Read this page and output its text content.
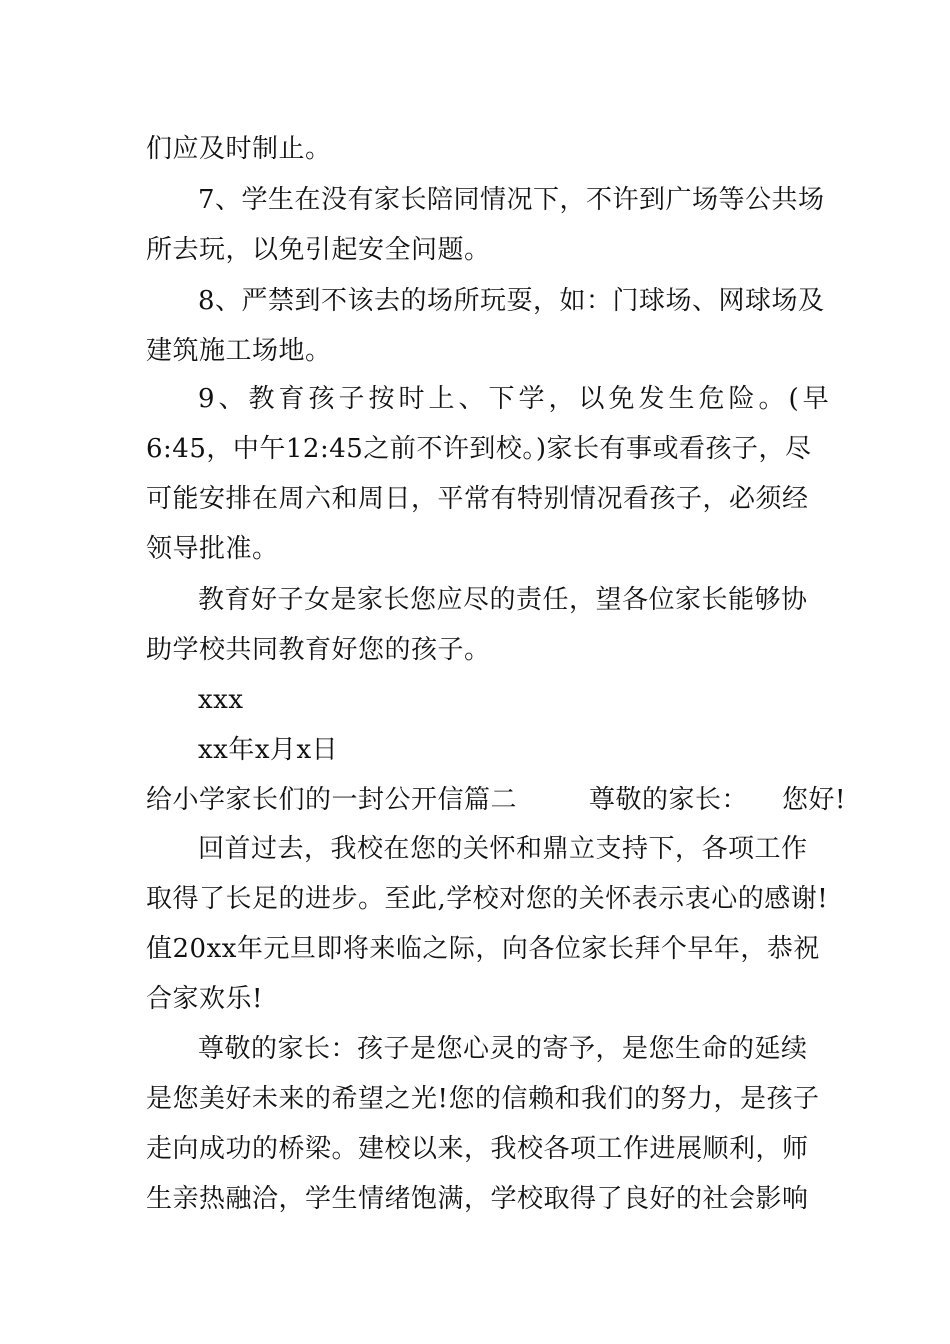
们应及时制止。
7、学生在没有家长陪同情况下，不许到广场等公共场
所去玩，以免引起安全问题。
8、严禁到不该去的场所玩耍，如：门球场、网球场及
建筑施工场地。
9、教育孩子按时上、下学，以免发生危险。(早
6:45，中午12:45之前不许到校。)家长有事或看孩子，尽
可能安排在周六和周日，平常有特别情况看孩子，必须经
领导批准。
教育好子女是家长您应尽的责任，望各位家长能够协
助学校共同教育好您的孩子。
xxx
xx年x月x日
给小学家长们的一封公开信篇二	尊敬的家长： 您好!
回首过去，我校在您的关怀和鼎立支持下，各项工作
取得了长足的进步。至此,学校对您的关怀表示衷心的感谢!
值20xx年元旦即将来临之际，向各位家长拜个早年，恭祝
合家欢乐!
尊敬的家长：孩子是您心灵的寄予，是您生命的延续
是您美好未来的希望之光!您的信赖和我们的努力，是孩子
走向成功的桥梁。建校以来，我校各项工作进展顺利，师
生亲热融洽，学生情绪饱满，学校取得了良好的社会影响
